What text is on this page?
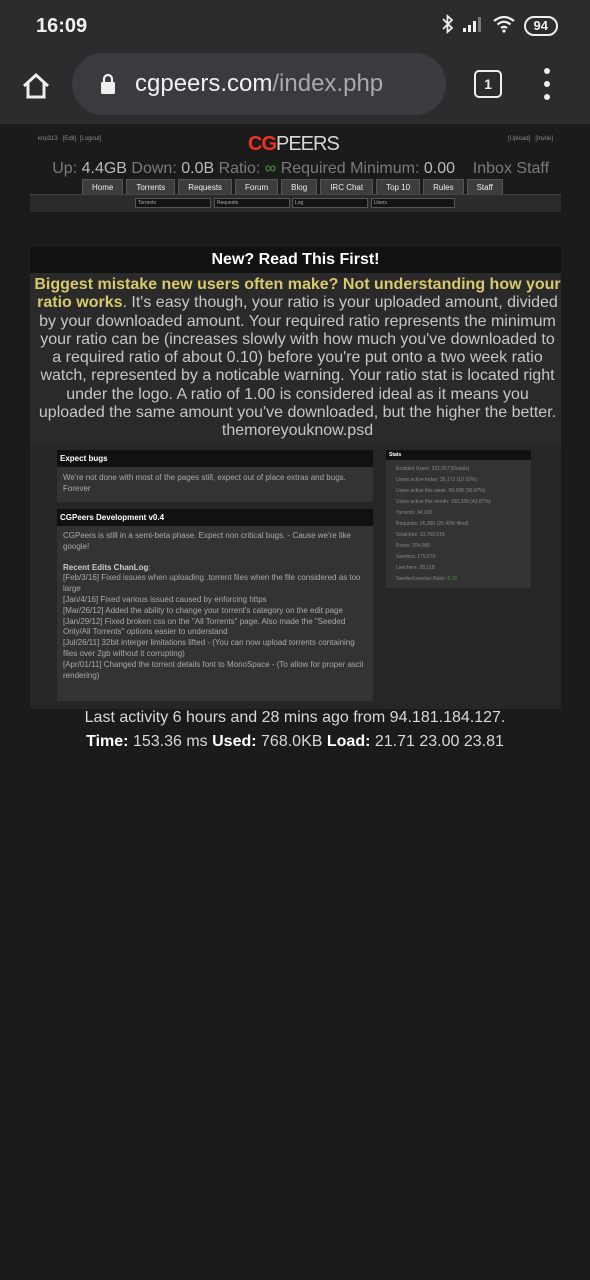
16:09	94
cgpeers.com/index.php	1
krip313 [Edit] [Logout]	CGPEERS	[Upload] [Invite]
Up: 4.4GB Down: 0.0B Ratio: ∞ Required Minimum: 0.00 Inbox Staff
Home	Torrents	Requests	Forum	Blog	IRC Chat	Top 10	Rules	Staff
Torrents
Requests
Log
Users
New? Read This First!
Biggest mistake new users often make? Not understanding how your ratio works. It's easy though, your ratio is your uploaded amount, divided by your downloaded amount. Your required ratio represents the minimum your ratio can be (increases slowly with how much you've downloaded to a required ratio of about 0.10) before you're put onto a two week ratio watch, represented by a noticable warning. Your ratio stat is located right under the logo. A ratio of 1.00 is considered ideal as it means you uploaded the same amount you've downloaded, but the higher the better.
themoreyouknow.psd
Expect bugs
We're not done with most of the pages still, expect out of place extras and bugs. Forever
CGPeers Development v0.4
CGPeers is still in a semi-beta phase. Expect non critical bugs. - Cause we're like google!
Recent Edits ChanLog:
[Feb/3/16] Fixed issues when uploading .torrent files when the file considered as too large
[Jan/4/16] Fixed various issued caused by enforcing https
[Mar/26/12] Added the ability to change your torrent's category on the edit page
[Jan/29/12] Fixed broken css on the "All Torrents" page. Also made the "Seeded Only/All Torrents" options easier to understand
[Jul/26/11] 32bit interger limitations lifted - (You can now upload torrents containing files over 2gb without it corrupting)
[Apr/01/11] Changed the torrent details font to MonoSpace - (To allow for proper ascii rendering)
Stats
Enabled Users: 321,957 [Details]
Users active today: 35,172 (10.93%)
Users active this week: 99,698 (30.97%)
Users active this month: 150,339 (43.87%)
Torrents: 34,100
Requests: 26,365 (26.49% filled)
Snatches: 10,760,518
Peers: 204,086
Seeders: 175,570
Leechers: 28,518
Seeder/Leecher Ratio: 6.15
Last activity 6 hours and 28 mins ago from 94.181.184.127.
Time: 153.36 ms Used: 768.0KB Load: 21.71 23.00 23.81
